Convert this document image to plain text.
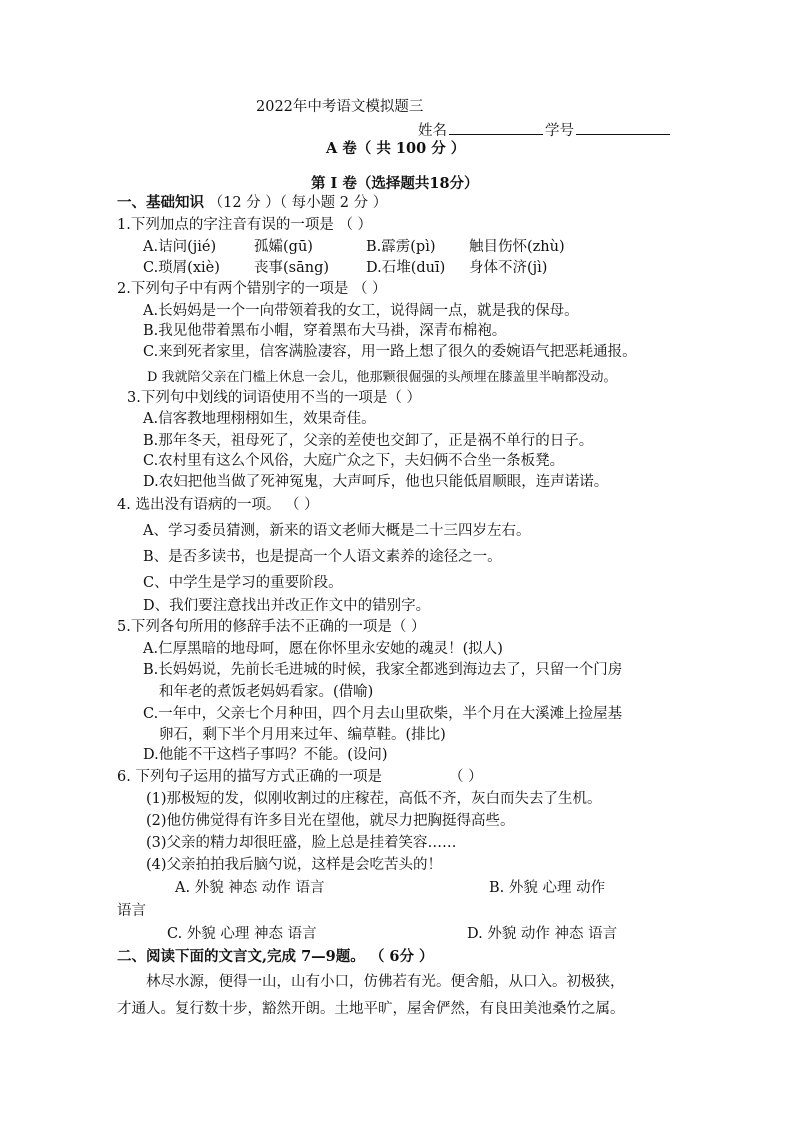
2022年中考语文模拟题三
姓名	学号
A 卷（ 共 100 分 ）
第 I 卷（选择题共18分）
一、基础知识 （12 分 ）（ 每小题 2 分 ）
1.下列加点的字注音有误的一项是 （ ）
A.诘问(jié)	孤孀(gū)	B.霹雳(pì) 触目伤怀(zhù)
C.琐屑(xiè) 丧事(sāng)	D.石堆(duī) 身体不济(jì)
2.下列句子中有两个错别字的一项是 （ ）
A.长妈妈是一个一向带领着我的女工，说得阔一点，就是我的保母。
B.我见他带着黑布小帽，穿着黑布大马褂，深青布棉袍。
C.来到死者家里，信客满脸凄容，用一路上想了很久的委婉语气把恶耗通报。
D 我就陪父亲在门槛上休息一会儿，他那颗很倔强的头颅埋在膝盖里半晌都没动。
3.下列句中划线的词语使用不当的一项是（ ）
A.信客教地理栩栩如生，效果奇佳。
B.那年冬天，祖母死了，父亲的差使也交卸了，正是祸不单行的日子。
C.农村里有这么个风俗，大庭广众之下，夫妇俩不合坐一条板凳。
D.农妇把他当做了死神冤鬼，大声呵斥，他也只能低眉顺眼，连声诺诺。
4. 选出没有语病的一项。 （ ）
A、学习委员猜测，新来的语文老师大概是二十三四岁左右。
B、是否多读书，也是提高一个人语文素养的途径之一。
C、中学生是学习的重要阶段。
D、我们要注意找出并改正作文中的错别字。
5.下列各句所用的修辞手法不正确的一项是（ ）
A.仁厚黑暗的地母呵，愿在你怀里永安她的魂灵！(拟人)
B.长妈妈说，先前长毛进城的时候，我家全都逃到海边去了，只留一个门房
和年老的煮饭老妈妈看家。(借喻)
C.一年中，父亲七个月种田，四个月去山里砍柴，半个月在大溪滩上捡屋基
卵石，剩下半个月用来过年、编草鞋。(排比)
D.他能不干这档子事吗？不能。(设问)
6. 下列句子运用的描写方式正确的一项是	（ ）
(1)那极短的发，似刚收割过的庄稼茬，高低不齐，灰白而失去了生机。
(2)他仿佛觉得有许多目光在望他，就尽力把胸挺得高些。
(3)父亲的精力却很旺盛，脸上总是挂着笑容……
(4)父亲拍拍我后脑勺说，这样是会吃苦头的！
A. 外貌 神态 动作 语言	B. 外貌 心理 动作
语言
C. 外貌 心理 神态 语言	D. 外貌 动作 神态 语言
二、阅读下面的文言文,完成 7—9题。 （ 6分 ）
林尽水源，便得一山，山有小口，仿佛若有光。便舍船，从口入。初极狭，
才通人。复行数十步，豁然开朗。土地平旷，屋舍俨然，有良田美池桑竹之属。
